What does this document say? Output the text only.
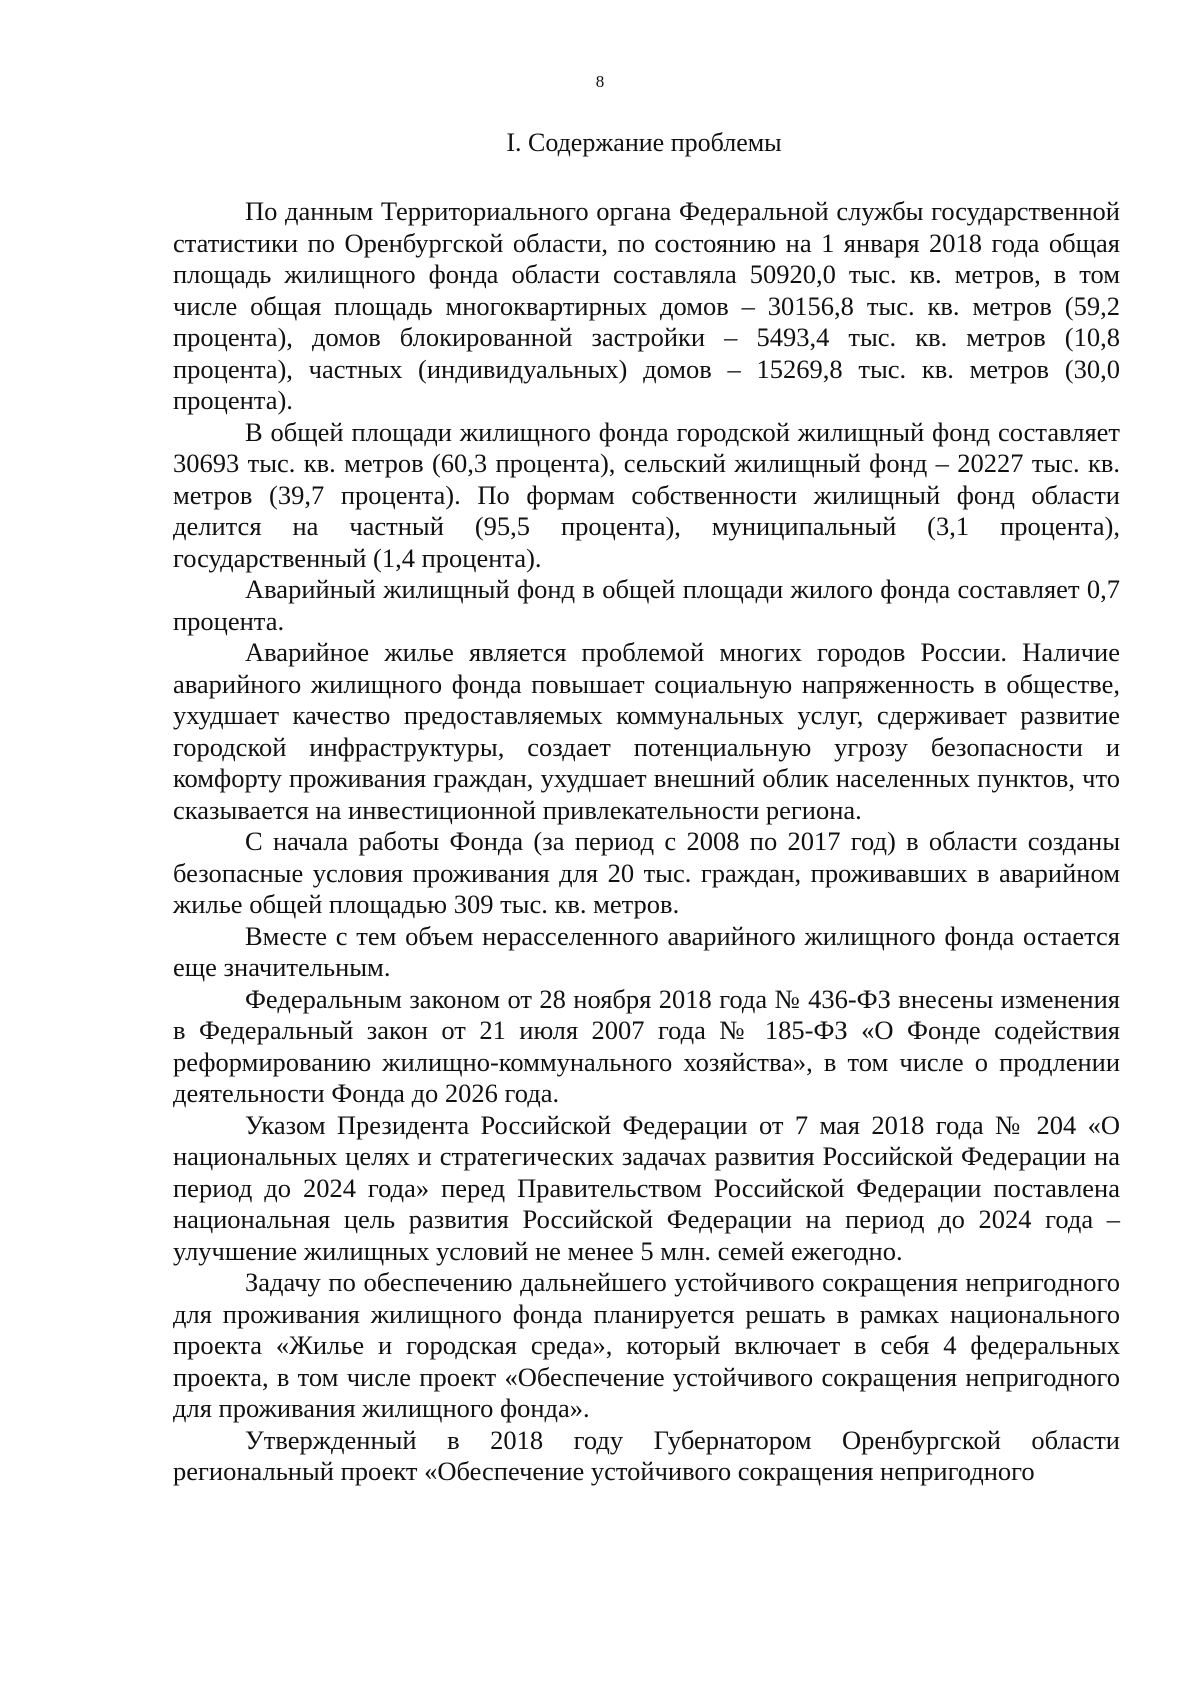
8
I. Содержание проблемы

По данным Территориального органа Федеральной службы государственной статистики по Оренбургской области, по состоянию на 1 января 2018 года общая площадь жилищного фонда области составляла 50920,0 тыс. кв. метров, в том числе общая площадь многоквартирных домов – 30156,8 тыс. кв. метров (59,2 процента), домов блокированной застройки – 5493,4 тыс. кв. метров (10,8 процента), частных (индивидуальных) домов – 15269,8 тыс. кв. метров (30,0 процента).

В общей площади жилищного фонда городской жилищный фонд составляет 30693 тыс. кв. метров (60,3 процента), сельский жилищный фонд – 20227 тыс. кв. метров (39,7 процента). По формам собственности жилищный фонд области делится на частный (95,5 процента), муниципальный (3,1 процента), государственный (1,4 процента).

Аварийный жилищный фонд в общей площади жилого фонда составляет 0,7 процента.

Аварийное жилье является проблемой многих городов России. Наличие аварийного жилищного фонда повышает социальную напряженность в обществе, ухудшает качество предоставляемых коммунальных услуг, сдерживает развитие городской инфраструктуры, создает потенциальную угрозу безопасности и комфорту проживания граждан, ухудшает внешний облик населенных пунктов, что сказывается на инвестиционной привлекательности региона.

С начала работы Фонда (за период с 2008 по 2017 год) в области созданы безопасные условия проживания для 20 тыс. граждан, проживавших в аварийном жилье общей площадью 309 тыс. кв. метров.

Вместе с тем объем нерасселенного аварийного жилищного фонда остается еще значительным.

Федеральным законом от 28 ноября 2018 года № 436-ФЗ внесены изменения в Федеральный закон от 21 июля 2007 года № 185-ФЗ «О Фонде содействия реформированию жилищно-коммунального хозяйства», в том числе о продлении деятельности Фонда до 2026 года.

Указом Президента Российской Федерации от 7 мая 2018 года № 204 «О национальных целях и стратегических задачах развития Российской Федерации на период до 2024 года» перед Правительством Российской Федерации поставлена национальная цель развития Российской Федерации на период до 2024 года – улучшение жилищных условий не менее 5 млн. семей ежегодно.

Задачу по обеспечению дальнейшего устойчивого сокращения непригодного для проживания жилищного фонда планируется решать в рамках национального проекта «Жилье и городская среда», который включает в себя 4 федеральных проекта, в том числе проект «Обеспечение устойчивого сокращения непригодного для проживания жилищного фонда».

Утвержденный в 2018 году Губернатором Оренбургской области региональный проект «Обеспечение устойчивого сокращения непригодного
